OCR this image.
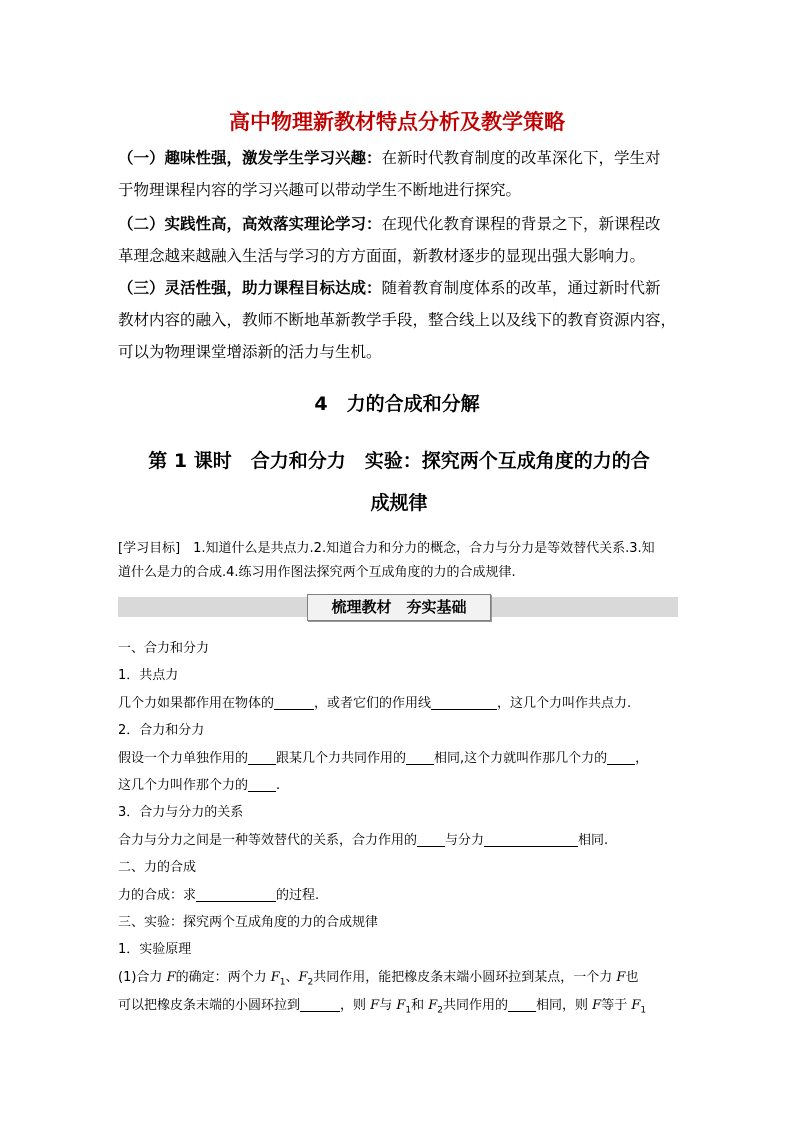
高中物理新教材特点分析及教学策略

（一）趣味性强，激发学生学习兴趣：在新时代教育制度的改革深化下，学生对

于物理课程内容的学习兴趣可以带动学生不断地进行探究。

（二）实践性高，高效落实理论学习：在现代化教育课程的背景之下，新课程改

革理念越来越融入生活与学习的方方面面，新教材逐步的显现出强大影响力。

（三）灵活性强，助力课程目标达成：随着教育制度体系的改革，通过新时代新

教材内容的融入，教师不断地革新教学手段，整合线上以及线下的教育资源内容，

可以为物理课堂增添新的活力与生机。

4　力的合成和分解
第 1 课时　合力和分力　实验：探究两个互成角度的力的合
成规律
[学习目标]　1.知道什么是共点力.2.知道合力和分力的概念，合力与分力是等效替代关系.3.知
道什么是力的合成.4.练习用作图法探究两个互成角度的力的合成规律.
梳理教材　夯实基础
一、合力和分力
1．共点力
几个力如果都作用在物体的	，或者它们的作用线	，这几个力叫作共点力.
2．合力和分力
假设一个力单独作用的 跟某几个力共同作用的 相同,这个力就叫作那几个力的 ，
这几个力叫作那个力的 .
3．合力与分力的关系
合力与分力之间是一种等效替代的关系，合力作用的 与分力	相同.
二、力的合成
力的合成：求	的过程.
三、实验：探究两个互成角度的力的合成规律
1．实验原理
(1)合力 F的确定：两个力 $F_1$、$F_2$共同作用，能把橡皮条末端小圆环拉到某点，一个力 F也
可以把橡皮条末端的小圆环拉到	，则 F与 $F_1$和 $F_2$共同作用的 相同，则 F等于 $F_1$
